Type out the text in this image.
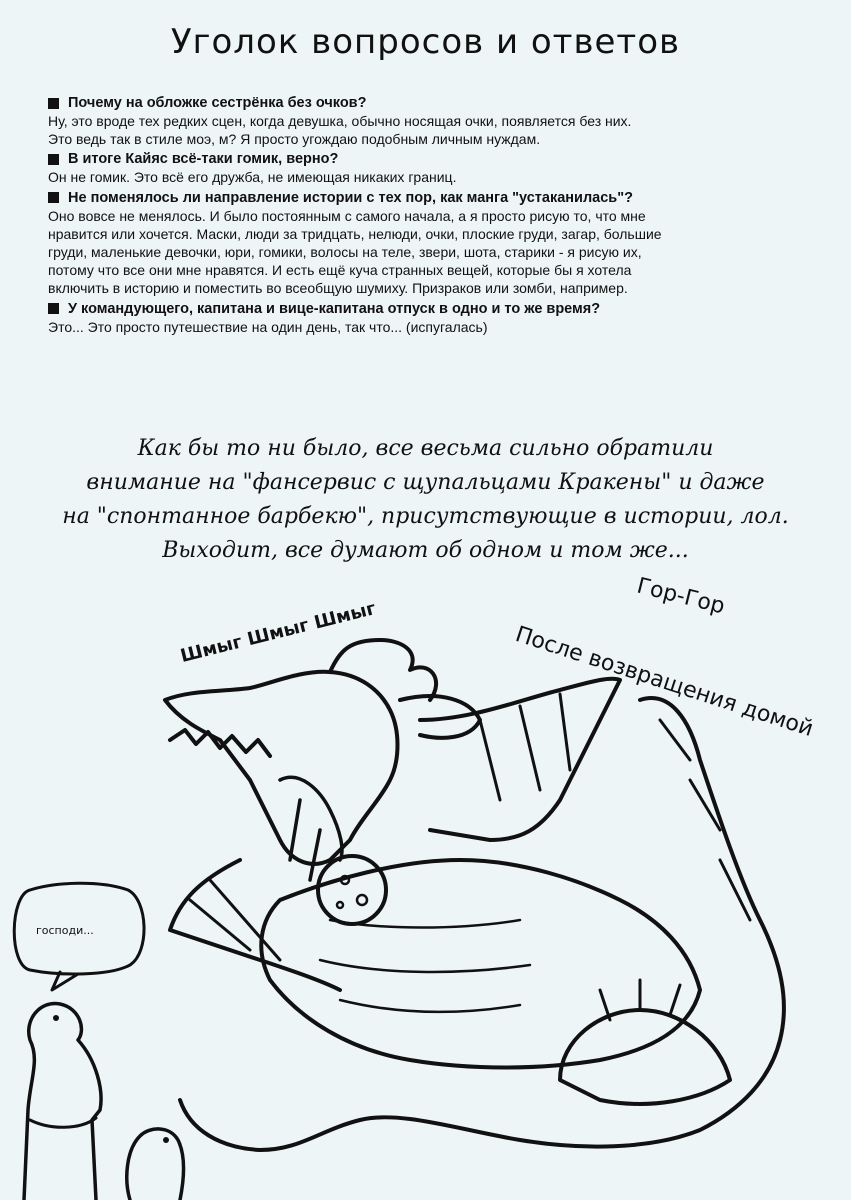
Уголок вопросов и ответов

Почему на обложке сестрёнка без очков?

Ну, это вроде тех редких сцен, когда девушка, обычно носящая очки, появляется без них.
Это ведь так в стиле моэ, м? Я просто угождаю подобным личным нуждам.

В итоге Кайяс всё-таки гомик, верно?

Он не гомик. Это всё его дружба, не имеющая никаких границ.

Не поменялось ли направление истории с тех пор, как манга "устаканилась"?

Оно вовсе не менялось. И было постоянным с самого начала, а я просто рисую то, что мне
нравится или хочется. Маски, люди за тридцать, нелюди, очки, плоские груди, загар, большие
груди, маленькие девочки, юри, гомики, волосы на теле, звери, шота, старики - я рисую их,
потому что все они мне нравятся. И есть ещё куча странных вещей, которые бы я хотела
включить в историю и поместить во всеобщую шумиху. Призраков или зомби, например.

У командующего, капитана и вице-капитана отпуск в одно и то же время?

Это... Это просто путешествие на один день, так что... (испугалась)

Как бы то ни было, все весьма сильно обратили
внимание на "фансервис с щупальцами Кракены" и даже
на "спонтанное барбекю", присутствующие в истории, лол.
Выходит, все думают об одном и том же...
Гор-Гор
После возвращения домой
Шмыг Шмыг Шмыг
господи...
